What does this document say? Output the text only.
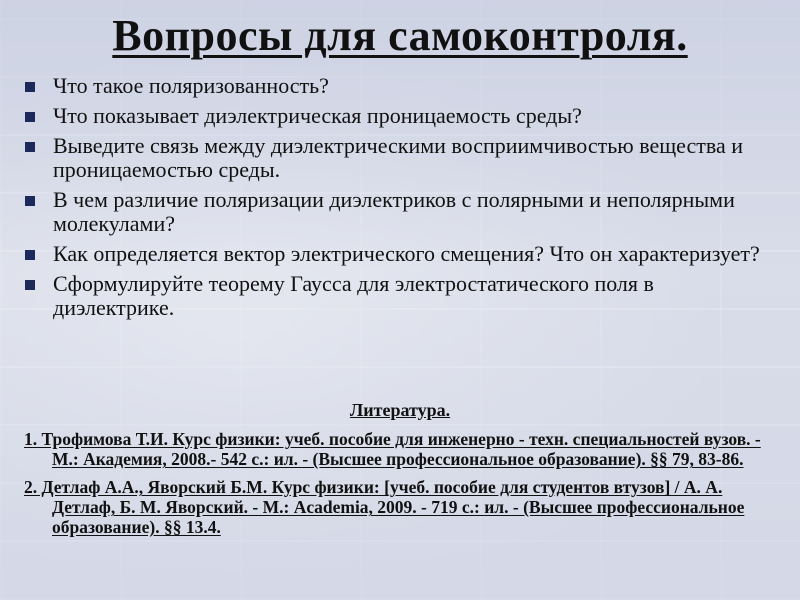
Вопросы для самоконтроля.
Что такое поляризованность?
Что показывает диэлектрическая проницаемость среды?
Выведите связь между диэлектрическими восприимчивостью вещества и проницаемостью среды.
В чем различие поляризации диэлектриков с полярными и неполярными молекулами?
Как определяется вектор электрического смещения? Что он характеризует?
Сформулируйте теорему Гаусса для электростатического поля в диэлектрике.

Литература.

1. Трофимова Т.И. Курс физики: учеб. пособие для инженерно - техн. специальностей вузов. - М.: Академия, 2008.- 542 с.: ил. - (Высшее профессиональное образование). §§ 79, 83-86.

2. Детлаф А.А., Яворский Б.М. Курс физики: [учеб. пособие для студентов втузов] / А. А. Детлаф, Б. М. Яворский. - М.: Academia, 2009. - 719 с.: ил. - (Высшее профессиональное образование). §§ 13.4.
